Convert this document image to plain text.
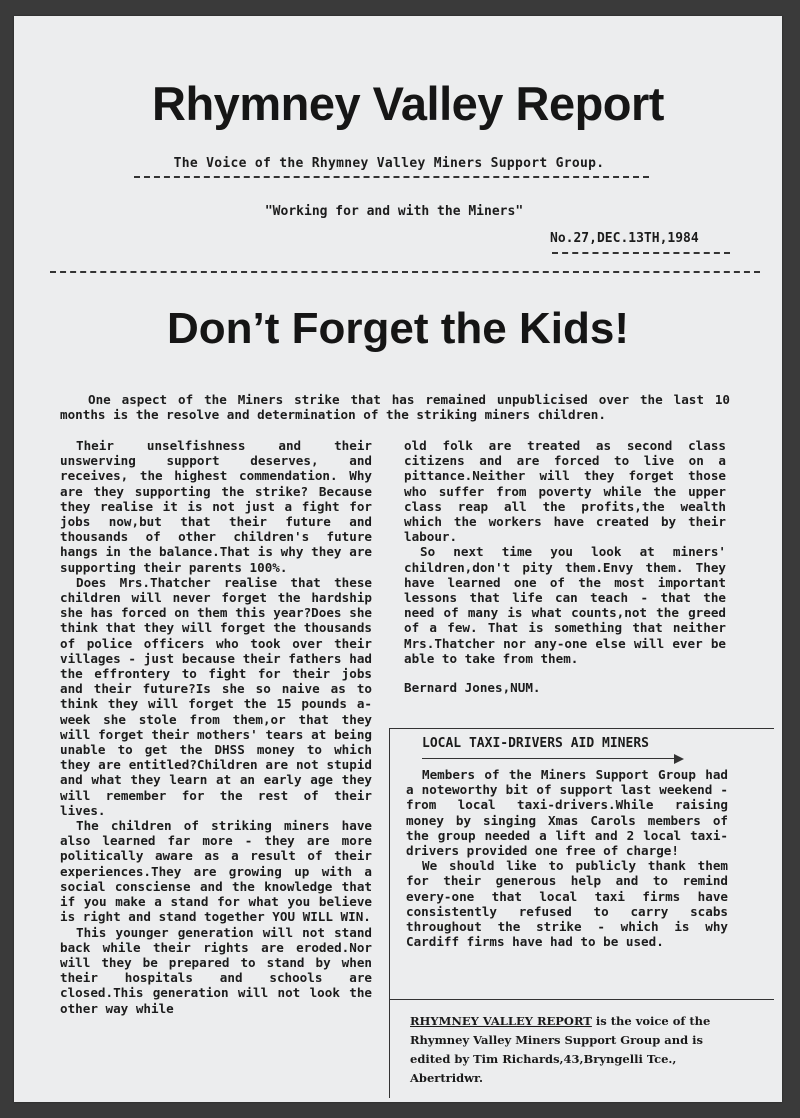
Rhymney Valley Report
The Voice of the Rhymney Valley Miners Support Group.
"Working for and with the Miners"
No.27,DEC.13TH,1984
Don’t Forget the Kids!
One aspect of the Miners strike that has remained unpublicised over the last 10 months is the resolve and determination of the striking miners children.

Their unselfishness and their unswerving support deserves, and receives, the highest commendation. Why are they supporting the strike? Because they realise it is not just a fight for jobs now,but that their future and thousands of other children's future hangs in the balance.That is why they are supporting their parents 100%.

Does Mrs.Thatcher realise that these children will never forget the hardship she has forced on them this year?Does she think that they will forget the thousands of police officers who took over their villages - just because their fathers had the effrontery to fight for their jobs and their future?Is she so naive as to think they will forget the 15 pounds a-week she stole from them,or that they will forget their mothers' tears at being unable to get the DHSS money to which they are entitled?Children are not stupid and what they learn at an early age they will remember for the rest of their lives.

The children of striking miners have also learned far more - they are more politically aware as a result of their experiences.They are growing up with a social consciense and the knowledge that if you make a stand for what you believe is right and stand together YOU WILL WIN.

This younger generation will not stand back while their rights are eroded.Nor will they be prepared to stand by when their hospitals and schools are closed.This generation will not look the other way while

old folk are treated as second class citizens and are forced to live on a pittance.Neither will they forget those who suffer from poverty while the upper class reap all the profits,the wealth which the workers have created by their labour.

So next time you look at miners' children,don't pity them.Envy them. They have learned one of the most important lessons that life can teach - that the need of many is what counts,not the greed of a few. That is something that neither Mrs.Thatcher nor any-one else will ever be able to take from them.

Bernard Jones,NUM.

LOCAL TAXI-DRIVERS AID MINERS

Members of the Miners Support Group had a noteworthy bit of support last weekend - from local taxi-drivers.While raising money by singing Xmas Carols members of the group needed a lift and 2 local taxi-drivers provided one free of charge!

We should like to publicly thank them for their generous help and to remind every-one that local taxi firms have consistently refused to carry scabs throughout the strike - which is why Cardiff firms have had to be used.

RHYMNEY VALLEY REPORT is the voice of the Rhymney Valley Miners Support Group and is edited by Tim Richards,43,Bryngelli Tce., Abertridwr.
